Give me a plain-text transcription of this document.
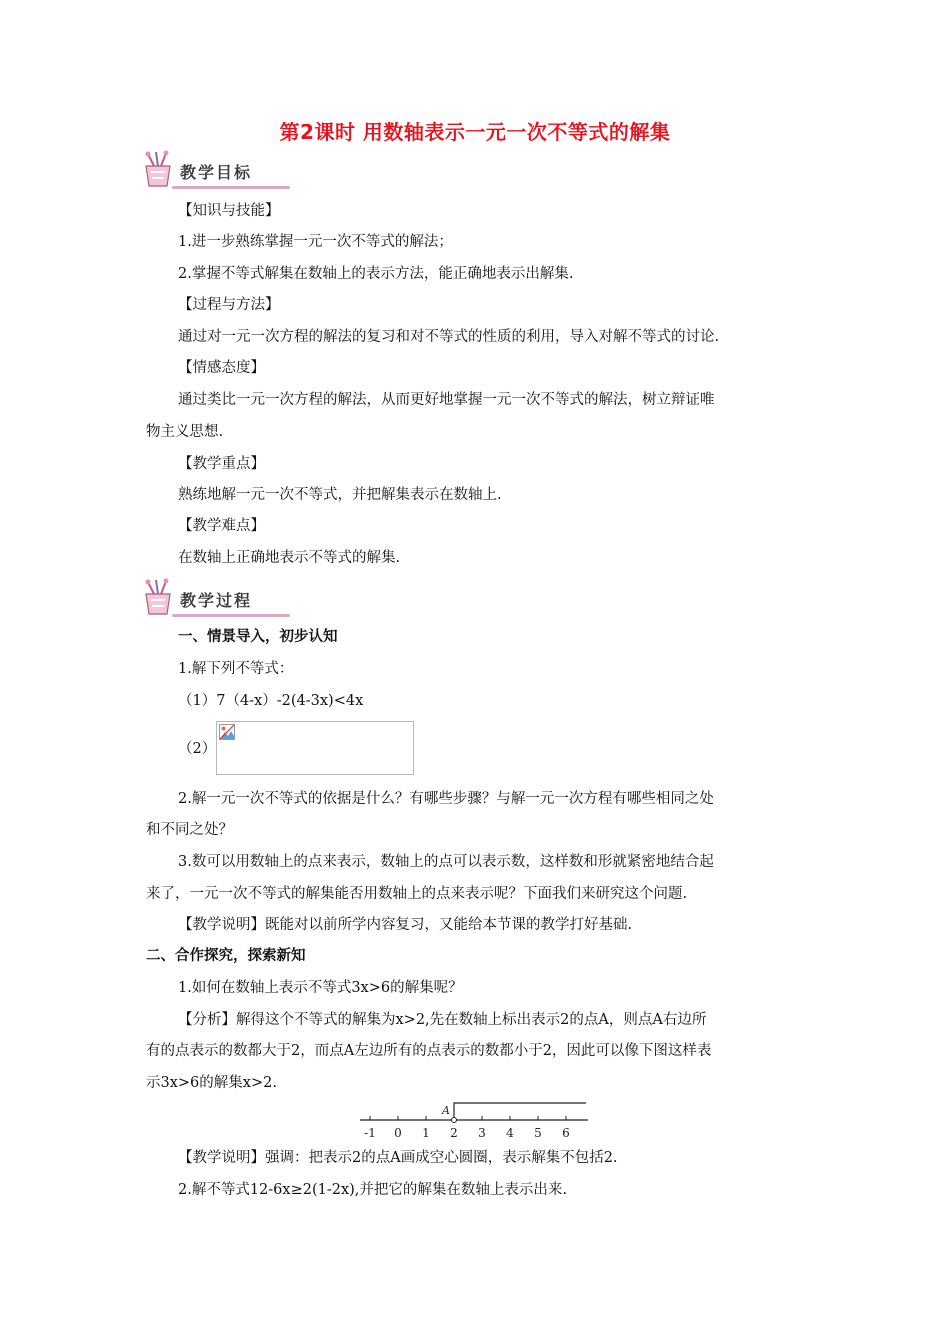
第2课时 用数轴表示一元一次不等式的解集
教学目标
【知识与技能】
1.进一步熟练掌握一元一次不等式的解法；
2.掌握不等式解集在数轴上的表示方法，能正确地表示出解集.
【过程与方法】
通过对一元一次方程的解法的复习和对不等式的性质的利用，导入对解不等式的讨论.
【情感态度】
通过类比一元一次方程的解法，从而更好地掌握一元一次不等式的解法，树立辩证唯
物主义思想.
【教学重点】
熟练地解一元一次不等式，并把解集表示在数轴上.
【教学难点】
在数轴上正确地表示不等式的解集.
教学过程
一、情景导入，初步认知
1.解下列不等式：
（1）7（4-x）-2(4-3x)<4x
（2）
2.解一元一次不等式的依据是什么？有哪些步骤？与解一元一次方程有哪些相同之处
和不同之处？
3.数可以用数轴上的点来表示，数轴上的点可以表示数，这样数和形就紧密地结合起
来了，一元一次不等式的解集能否用数轴上的点来表示呢？下面我们来研究这个问题.
【教学说明】既能对以前所学内容复习，又能给本节课的教学打好基础.
二、合作探究，探索新知
1.如何在数轴上表示不等式3x>6的解集呢？
【分析】解得这个不等式的解集为x>2,先在数轴上标出表示2的点A，则点A右边所
有的点表示的数都大于2，而点A左边所有的点表示的数都小于2，因此可以像下图这样表
示3x>6的解集x>2.
-1 0 1 2 3 4 5 6
A
【教学说明】强调：把表示2的点A画成空心圆圈，表示解集不包括2.
2.解不等式12-6x≥2(1-2x),并把它的解集在数轴上表示出来.
